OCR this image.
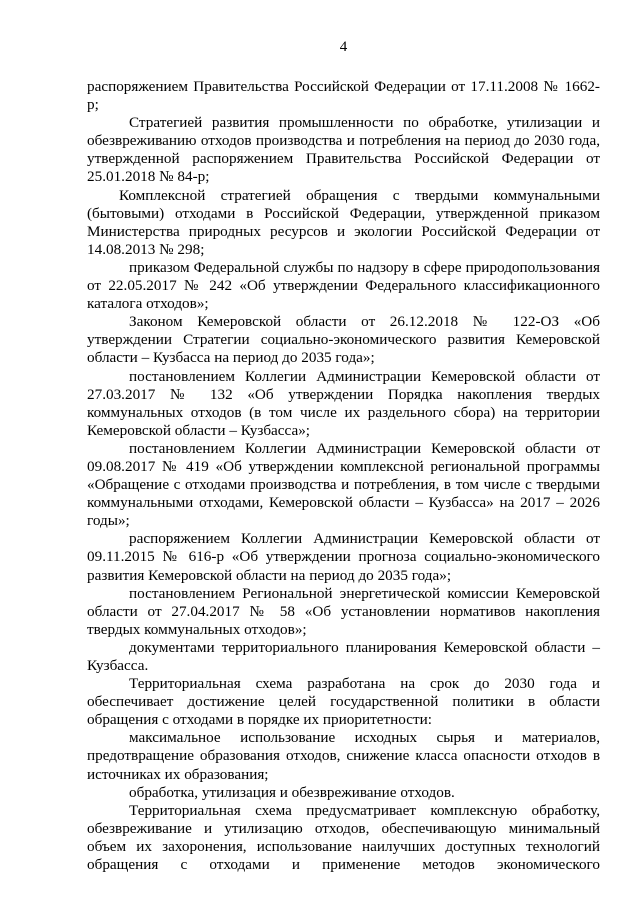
4

распоряжением Правительства Российской Федерации от 17.11.2008 № 1662-р;

Стратегией развития промышленности по обработке, утилизации и обезвреживанию отходов производства и потребления на период до 2030 года, утвержденной распоряжением Правительства Российской Федерации от 25.01.2018 № 84-р;

Комплексной стратегией обращения с твердыми коммунальными (бытовыми) отходами в Российской Федерации, утвержденной приказом Министерства природных ресурсов и экологии Российской Федерации от 14.08.2013 № 298;

приказом Федеральной службы по надзору в сфере природопользования от 22.05.2017 № 242 «Об утверждении Федерального классификационного каталога отходов»;

Законом Кемеровской области от 26.12.2018 № 122-ОЗ «Об утверждении Стратегии социально-экономического развития Кемеровской области – Кузбасса на период до 2035 года»;

постановлением Коллегии Администрации Кемеровской области от 27.03.2017 № 132 «Об утверждении Порядка накопления твердых коммунальных отходов (в том числе их раздельного сбора) на территории Кемеровской области – Кузбасса»;

постановлением Коллегии Администрации Кемеровской области от 09.08.2017 № 419 «Об утверждении комплексной региональной программы «Обращение с отходами производства и потребления, в том числе с твердыми коммунальными отходами, Кемеровской области – Кузбасса» на 2017 – 2026 годы»;

распоряжением Коллегии Администрации Кемеровской области от 09.11.2015 № 616-р «Об утверждении прогноза социально-экономического развития Кемеровской области на период до 2035 года»;

постановлением Региональной энергетической комиссии Кемеровской области от 27.04.2017 № 58 «Об установлении нормативов накопления твердых коммунальных отходов»;

документами территориального планирования Кемеровской области – Кузбасса.

Территориальная схема разработана на срок до 2030 года и обеспечивает достижение целей государственной политики в области обращения с отходами в порядке их приоритетности:

максимальное использование исходных сырья и материалов, предотвращение образования отходов, снижение класса опасности отходов в источниках их образования;

обработка, утилизация и обезвреживание отходов.

Территориальная схема предусматривает комплексную обработку, обезвреживание и утилизацию отходов, обеспечивающую минимальный объем их захоронения, использование наилучших доступных технологий обращения с отходами и применение методов экономического
